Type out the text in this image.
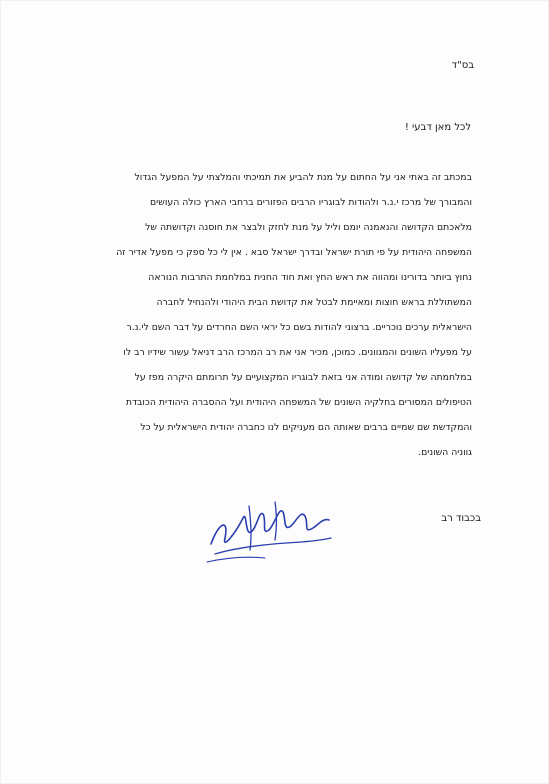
בס"ד
לכל מאן דבעי !
במכתב זה באתי אני על החתום על מנת להביע את תמיכתי והמלצתי על המפעל הגדול
והמבורך של מרכז י.נ.ר ולהודות לבוגריו הרבים הפזורים ברחבי הארץ כולה העושים
מלאכתם הקדושה והנאמנה יומם וליל על מנת לחזק ולבצר את חוסנה וקדושתה של
המשפחה היהודית על פי תורת ישראל ובדרך ישראל סבא . אין לי כל ספק כי מפעל אדיר זה
נחוץ ביותר בדורינו ומהווה את ראש החץ ואת חוד החנית במלחמת התרבות הנוראה
המשתוללת בראש חוצות ומאיימת לבטל את קדושת הבית היהודי ולהנחיל לחברה
הישראלית ערכים נוכריים. ברצוני להודות בשם כל יראי השם החרדים על דבר השם לי.נ.ר
על מפעליו השונים והמגוונים. כמוכן, מכיר אני את רב המרכז הרב דניאל עשור שידיו רב לו
במלחמתה של קדושה ומודה אני בזאת לבוגריו המקצועיים על תרומתם היקרה מפז על
הטיפולים המסורים בחלקיה השונים של המשפחה היהודית ועל ההסברה היהודית הכובדת
והמקדשת שם שמיים ברבים שאותה הם מעניקים לנו כחברה יהודית הישראלית על כל
גווניה השונים.
בכבוד רב
